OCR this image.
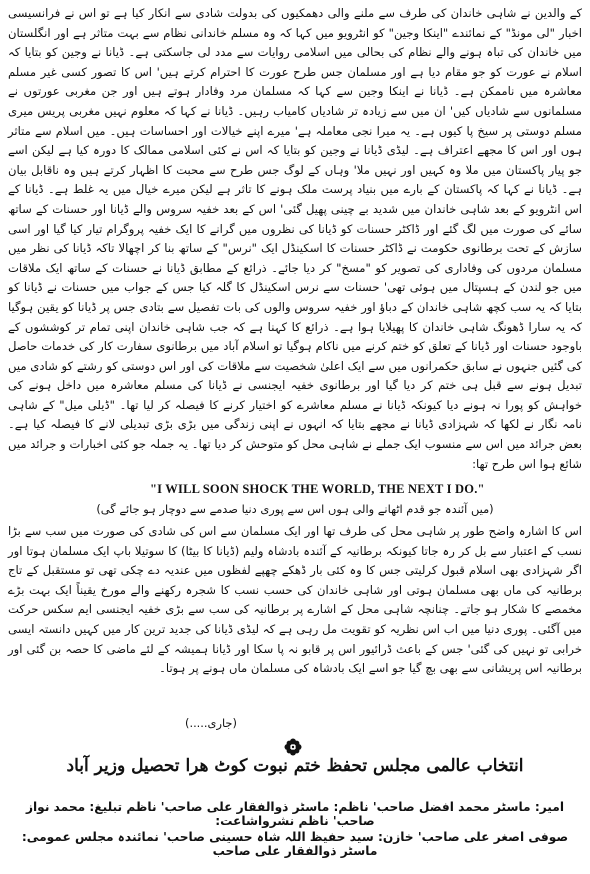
کے والدین نے شاہی خاندان کی طرف سے ملنے والی دھمکیوں کی بدولت شادی سے انکار کیا ہے تو اس نے فرانسیسی اخبار "لی مونڈ" کے نمائندے "اینکا وجین" کو انٹرویو میں کہا کہ وہ مسلم خاندانی نظام سے بہت متاثر ہے اور انگلستان میں خاندان کی تباہ ہونے والے نظام کی بحالی میں اسلامی روایات سے مدد لی جاسکتی ہے۔ ڈیانا نے وجین کو بتایا کہ اسلام نے عورت کو جو مقام دیا ہے اور مسلمان جس طرح عورت کا احترام کرتے ہیں' اس کا تصور کسی غیر مسلم معاشرہ میں ناممکن ہے۔ ڈیانا نے اینکا وجین سے کہا کہ مسلمان مرد وفادار ہوتے ہیں اور جن مغربی عورتوں نے مسلمانوں سے شادیاں کیں' ان میں سے زیادہ تر شادیاں کامیاب رہیں۔ ڈیانا نے کہا کہ معلوم نہیں مغربی پریس میری مسلم دوستی پر سیخ پا کیوں ہے۔ یہ میرا نجی معاملہ ہے' میرے اپنے خیالات اور احساسات ہیں۔ میں اسلام سے متاثر ہوں اور اس کا مجھے اعتراف ہے۔ لیڈی ڈیانا نے وجین کو بتایا کہ اس نے کئی اسلامی ممالک کا دورہ کیا ہے لیکن اسے جو پیار پاکستان میں ملا وہ کہیں اور نہیں ملا' وہاں کے لوگ جس طرح سے محبت کا اظہار کرتے ہیں وہ ناقابل بیان ہے۔ ڈیانا نے کہا کہ پاکستان کے بارے میں بنیاد پرست ملک ہونے کا تاثر ہے لیکن میرے خیال میں یہ غلط ہے۔ ڈیانا کے اس انٹرویو کے بعد شاہی خاندان میں شدید بے چینی پھیل گئی' اس کے بعد خفیہ سروس والے ڈیانا اور حسنات کے ساتھ سائے کی صورت میں لگ گئے اور ڈاکٹر حسنات کو ڈیانا کی نظروں میں گرانے کا ایک خفیہ پروگرام تیار کیا گیا اور اسی سازش کے تحت برطانوی حکومت نے ڈاکٹر حسنات کا اسکینڈل ایک "نرس" کے ساتھ بنا کر اچھالا تاکہ ڈیانا کی نظر میں مسلمان مردوں کی وفاداری کی تصویر کو "مسخ" کر دیا جائے۔ ذرائع کے مطابق ڈیانا نے حسنات کے ساتھ ایک ملاقات میں جو لندن کے ہسپتال میں ہوئی تھی' حسنات سے نرس اسکینڈل کا گلہ کیا جس کے جواب میں حسنات نے ڈیانا کو بتایا کہ یہ سب کچھ شاہی خاندان کے دباؤ اور خفیہ سروس والوں کی بات تفصیل سے بتادی جس پر ڈیانا کو یقین ہوگیا کہ یہ سارا ڈھونگ شاہی خاندان کا پھیلایا ہوا ہے۔ ذرائع کا کہنا ہے کہ جب شاہی خاندان اپنی تمام تر کوششوں کے باوجود حسنات اور ڈیانا کے تعلق کو ختم کرنے میں ناکام ہوگیا تو اسلام آباد میں برطانوی سفارت کار کی خدمات حاصل کی گئیں جنہوں نے سابق حکمرانوں میں سے ایک اعلیٰ شخصیت سے ملاقات کی اور اس دوستی کو رشتے کو شادی میں تبدیل ہونے سے قبل ہی ختم کر دیا گیا اور برطانوی خفیہ ایجنسی نے ڈیانا کی مسلم معاشرہ میں داخل ہونے کی خواہش کو پورا نہ ہونے دیا کیونکہ ڈیانا نے مسلم معاشرے کو اختیار کرنے کا فیصلہ کر لیا تھا۔ "ڈیلی میل" کے شاہی نامہ نگار نے لکھا کہ شہزادی ڈیانا نے مجھے بتایا کہ انہوں نے اپنی زندگی میں بڑی بڑی تبدیلی لانے کا فیصلہ کیا ہے۔ بعض جرائد میں اس سے منسوب ایک جملے نے شاہی محل کو متوحش کر دیا تھا۔ یہ جملہ جو کئی اخبارات و جرائد میں شائع ہوا اس طرح تھا:

"I WILL SOON SHOCK THE WORLD, THE NEXT I DO."
(میں آئندہ جو قدم اٹھانے والی ہوں اس سے پوری دنیا صدمے سے دوچار ہو جائے گی)
اس کا اشارہ واضح طور پر شاہی محل کی طرف تھا اور ایک مسلمان سے اس کی شادی کی صورت میں سب سے بڑا نسب کے اعتبار سے بل کر رہ جاتا کیونکہ برطانیہ کے آئندہ بادشاہ ولیم (ڈیانا کا بیٹا) کا سوتیلا باپ ایک مسلمان ہوتا اور اگر شہزادی بھی اسلام قبول کرلیتی جس کا وہ کئی بار ڈھکے چھپے لفظوں میں عندیہ دے چکی تھی تو مستقبل کے تاج برطانیہ کی ماں بھی مسلمان ہوتی اور شاہی خاندان کی حسب نسب کا شجرہ رکھنے والے مورخ یقیناً ایک بہت بڑے مخمصے کا شکار ہو جاتے۔ چنانچہ شاہی محل کے اشارے پر برطانیہ کی سب سے بڑی خفیہ ایجنسی ایم سکس حرکت میں آگئی۔ پوری دنیا میں اب اس نظریہ کو تقویت مل رہی ہے کہ لیڈی ڈیانا کی جدید ترین کار میں کہیں دانستہ ایسی خرابی تو نہیں کی گئی' جس کے باعث ڈرائیور اس پر قابو نہ پا سکا اور ڈیانا ہمیشہ کے لئے ماضی کا حصہ بن گئی اور برطانیہ اس پریشانی سے بھی بچ گیا جو اسے ایک بادشاہ کی مسلمان ماں ہونے پر ہوتا۔
(جاری.....)
انتخاب عالمی مجلس تحفظ ختم نبوت کوٹ ھرا تحصیل وزیر آباد
امیر: ماسٹر محمد افضل صاحب' ناظم: ماسٹر ذوالفقار علی صاحب' ناظم تبلیغ: محمد نواز صاحب' ناظم نشرواشاعت:
صوفی اصغر علی صاحب' خازن: سید حفیظ اللہ شاہ حسینی صاحب' نمائندہ مجلس عمومی: ماسٹر ذوالفقار علی صاحب
